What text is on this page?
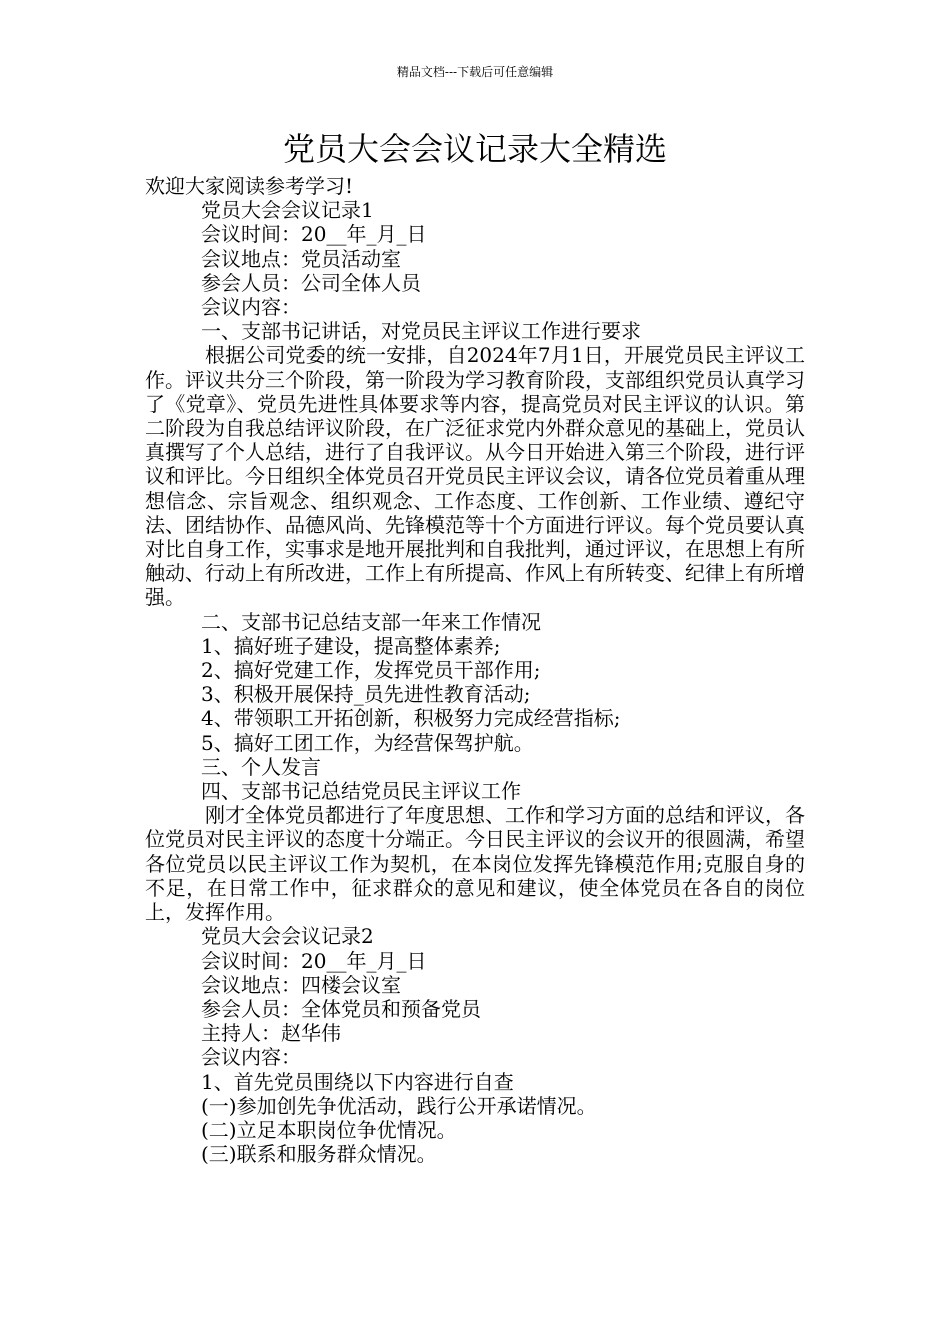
精品文档---下载后可任意编辑
党员大会会议记录大全精选

欢迎大家阅读参考学习!

党员大会会议记录1

会议时间：20__年_月_日

会议地点：党员活动室

参会人员：公司全体人员

会议内容：

一、支部书记讲话，对党员民主评议工作进行要求

根据公司党委的统一安排，自2024年7月1日，开展党员民主评议工作。评议共分三个阶段，第一阶段为学习教育阶段，支部组织党员认真学习了《党章》、党员先进性具体要求等内容，提高党员对民主评议的认识。第二阶段为自我总结评议阶段，在广泛征求党内外群众意见的基础上，党员认真撰写了个人总结，进行了自我评议。从今日开始进入第三个阶段，进行评议和评比。今日组织全体党员召开党员民主评议会议，请各位党员着重从理想信念、宗旨观念、组织观念、工作态度、工作创新、工作业绩、遵纪守法、团结协作、品德风尚、先锋模范等十个方面进行评议。每个党员要认真对比自身工作，实事求是地开展批判和自我批判，通过评议，在思想上有所触动、行动上有所改进，工作上有所提高、作风上有所转变、纪律上有所增强。

二、支部书记总结支部一年来工作情况

1、搞好班子建设，提高整体素养;

2、搞好党建工作，发挥党员干部作用;

3、积极开展保持_员先进性教育活动;

4、带领职工开拓创新，积极努力完成经营指标;

5、搞好工团工作，为经营保驾护航。

三、个人发言

四、支部书记总结党员民主评议工作

刚才全体党员都进行了年度思想、工作和学习方面的总结和评议，各位党员对民主评议的态度十分端正。今日民主评议的会议开的很圆满，希望各位党员以民主评议工作为契机，在本岗位发挥先锋模范作用;克服自身的不足，在日常工作中，征求群众的意见和建议，使全体党员在各自的岗位上，发挥作用。

党员大会会议记录2

会议时间：20__年_月_日

会议地点：四楼会议室

参会人员：全体党员和预备党员

主持人：赵华伟

会议内容：

1、首先党员围绕以下内容进行自查

(一)参加创先争优活动，践行公开承诺情况。

(二)立足本职岗位争优情况。

(三)联系和服务群众情况。
